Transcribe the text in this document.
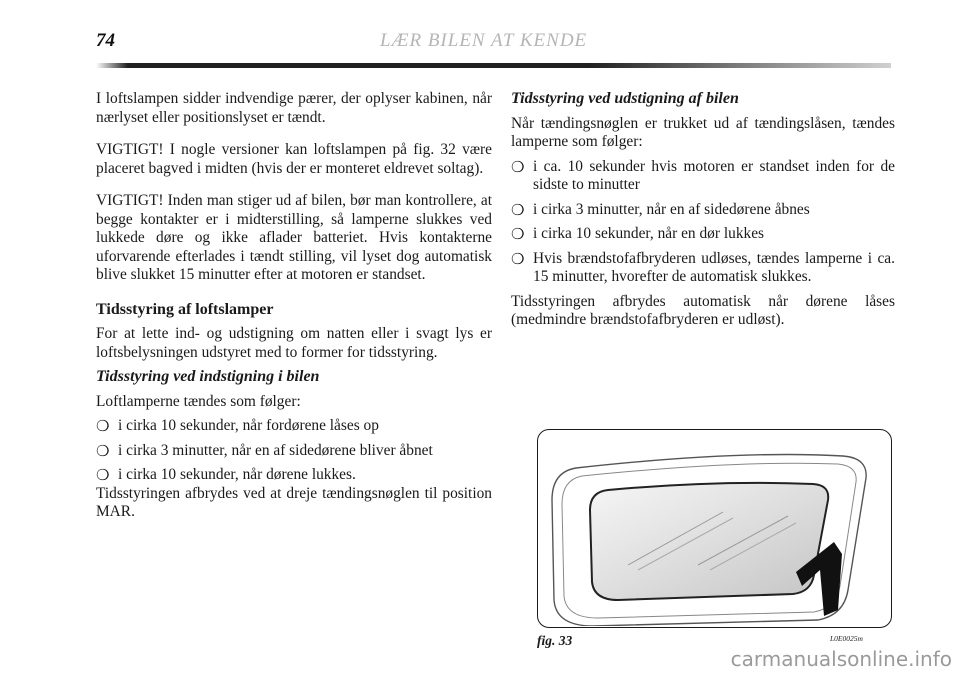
74	LÆR BILEN AT KENDE

I loftslampen sidder indvendige pærer, der oplyser kabinen, når nærlyset eller positionslyset er tændt.

VIGTIGT! I nogle versioner kan loftslampen på fig. 32 være placeret bagved i midten (hvis der er monteret eldrevet soltag).

VIGTIGT! Inden man stiger ud af bilen, bør man kontrollere, at begge kontakter er i midterstilling, så lamperne slukkes ved lukkede døre og ikke aflader batteriet. Hvis kontakterne uforvarende efterlades i tændt stilling, vil lyset dog automatisk blive slukket 15 minutter efter at motoren er standset.

Tidsstyring af loftslamper

For at lette ind- og udstigning om natten eller i svagt lys er loftsbelysningen udstyret med to former for tidsstyring.

Tidsstyring ved indstigning i bilen

Loftlamperne tændes som følger:

❍ i cirka 10 sekunder, når fordørene låses op

❍ i cirka 3 minutter, når en af sidedørene bliver åbnet

❍ i cirka 10 sekunder, når dørene lukkes.

Tidsstyringen afbrydes ved at dreje tændingsnøglen til position MAR.

Tidsstyring ved udstigning af bilen

Når tændingsnøglen er trukket ud af tændingslåsen, tændes lamperne som følger:

❍ i ca. 10 sekunder hvis motoren er standset inden for de sidste to minutter

❍ i cirka 3 minutter, når en af sidedørene åbnes

❍ i cirka 10 sekunder, når en dør lukkes

❍ Hvis brændstofafbryderen udløses, tændes lamperne i ca. 15 minutter, hvorefter de automatisk slukkes.

Tidsstyringen afbrydes automatisk når dørene låses (medmindre brændstofafbryderen er udløst).

fig. 33	L0E0025m
carmanualsonline.info
